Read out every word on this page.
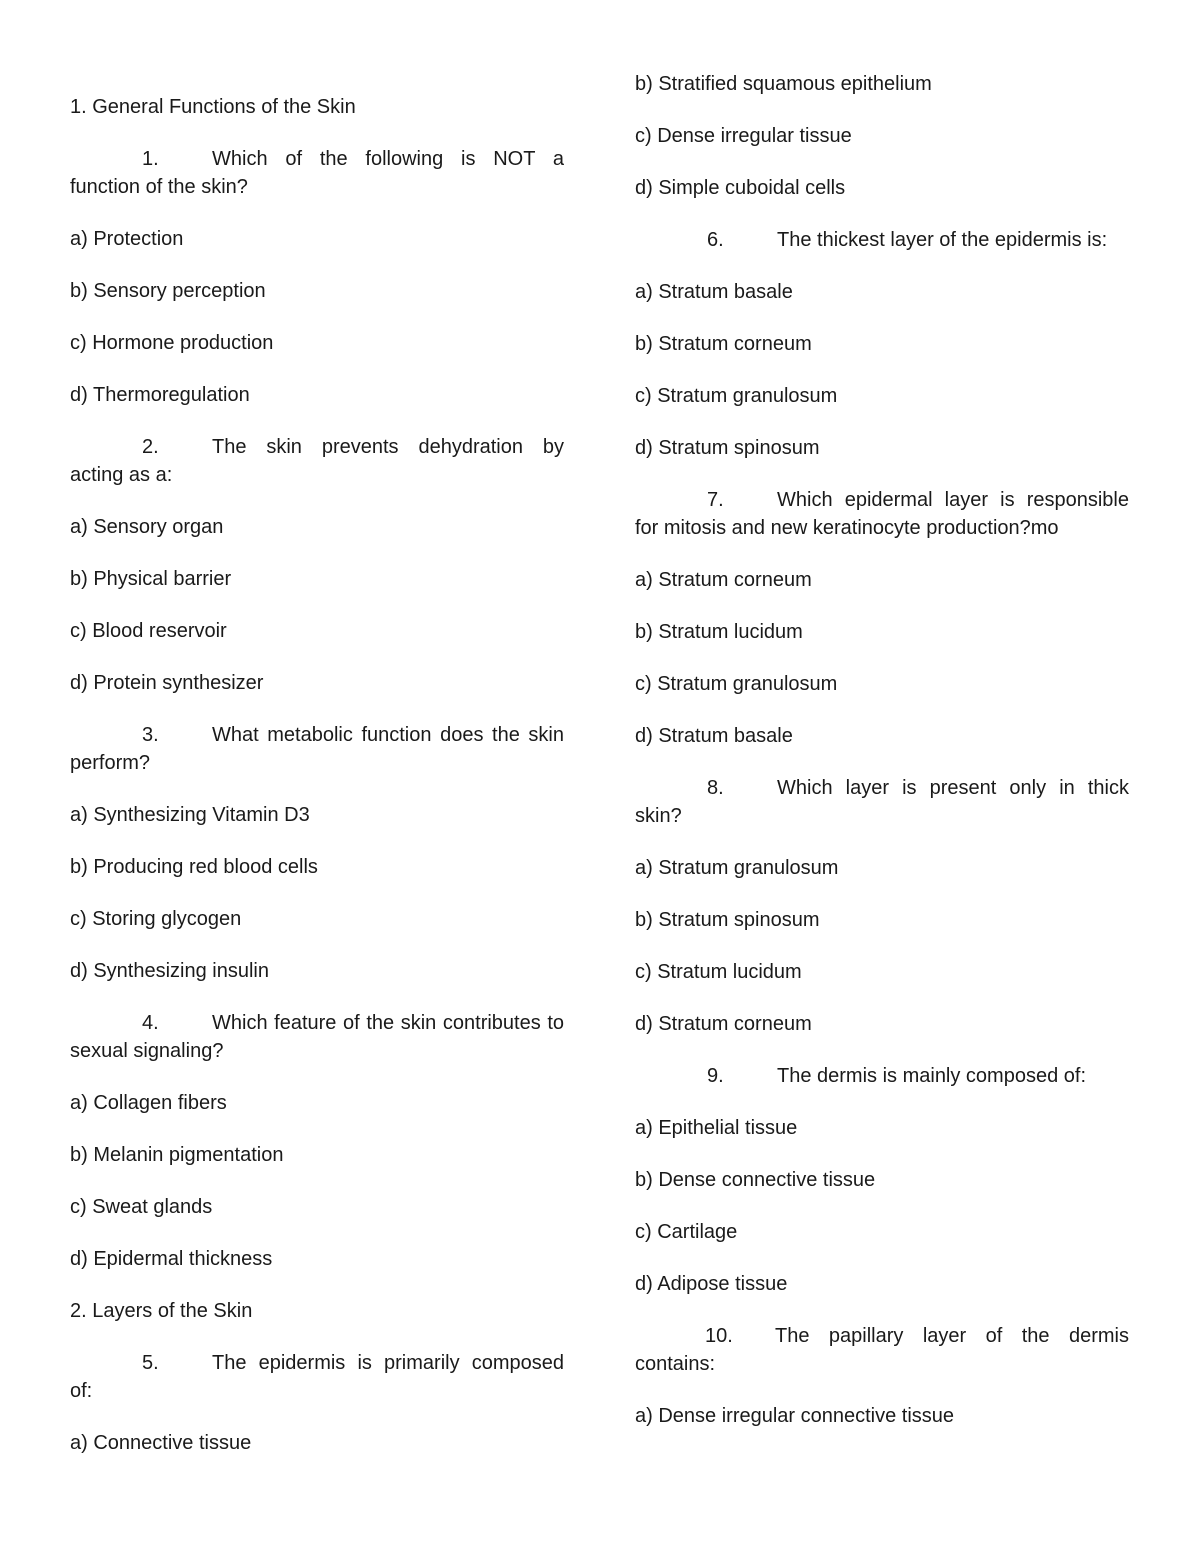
1. General Functions of the Skin
1.	Which of the following is NOT a function of the skin?
a) Protection
b) Sensory perception
c) Hormone production
d) Thermoregulation
2.	The skin prevents dehydration by acting as a:
a) Sensory organ
b) Physical barrier
c) Blood reservoir
d) Protein synthesizer
3.	What metabolic function does the skin perform?
a) Synthesizing Vitamin D3
b) Producing red blood cells
c) Storing glycogen
d) Synthesizing insulin
4.	Which feature of the skin contributes to sexual signaling?
a) Collagen fibers
b) Melanin pigmentation
c) Sweat glands
d) Epidermal thickness
2. Layers of the Skin
5.	The epidermis is primarily composed of:
a) Connective tissue
b) Stratified squamous epithelium
c) Dense irregular tissue
d) Simple cuboidal cells
6.	The thickest layer of the epidermis is:
a) Stratum basale
b) Stratum corneum
c) Stratum granulosum
d) Stratum spinosum
7.	Which epidermal layer is responsible for mitosis and new keratinocyte production?mo
a) Stratum corneum
b) Stratum lucidum
c) Stratum granulosum
d) Stratum basale
8.	Which layer is present only in thick skin?
a) Stratum granulosum
b) Stratum spinosum
c) Stratum lucidum
d) Stratum corneum
9.	The dermis is mainly composed of:
a) Epithelial tissue
b) Dense connective tissue
c) Cartilage
d) Adipose tissue
10. The papillary layer of the dermis contains:
a) Dense irregular connective tissue
